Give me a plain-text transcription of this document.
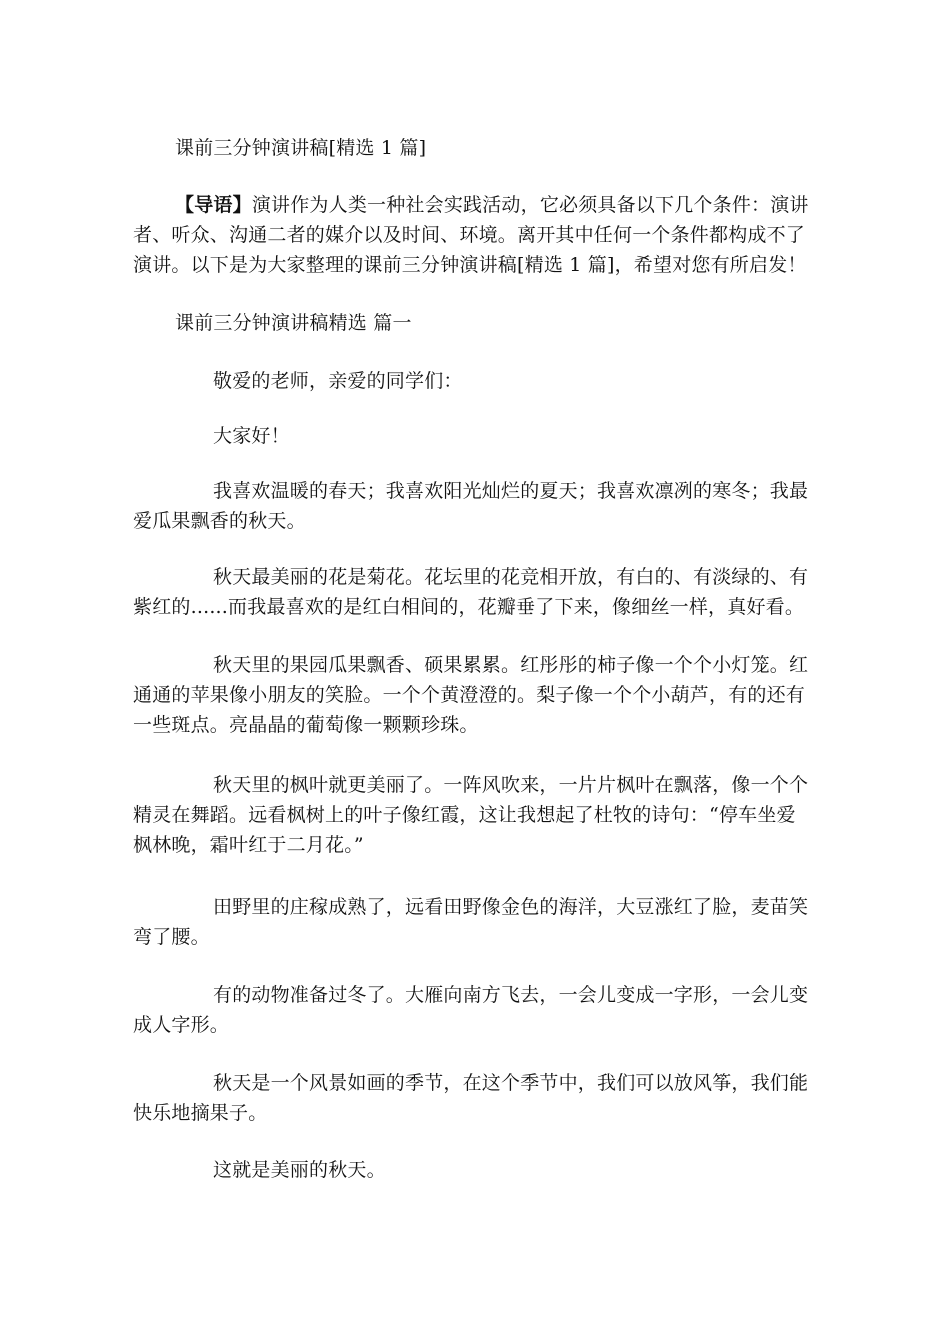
课前三分钟演讲稿[精选 1 篇]
【导语】演讲作为人类一种社会实践活动，它必须具备以下几个条件：演讲
者、听众、沟通二者的媒介以及时间、环境。离开其中任何一个条件都构成不了
演讲。以下是为大家整理的课前三分钟演讲稿[精选 1 篇]，希望对您有所启发！
课前三分钟演讲稿精选 篇一
敬爱的老师，亲爱的同学们：
大家好！
我喜欢温暖的春天；我喜欢阳光灿烂的夏天；我喜欢凛冽的寒冬；我最
爱瓜果飘香的秋天。
秋天最美丽的花是菊花。花坛里的花竞相开放，有白的、有淡绿的、有
紫红的......而我最喜欢的是红白相间的，花瓣垂了下来，像细丝一样，真好看。
秋天里的果园瓜果飘香、硕果累累。红彤彤的柿子像一个个小灯笼。红
通通的苹果像小朋友的笑脸。一个个黄澄澄的。梨子像一个个小葫芦，有的还有
一些斑点。亮晶晶的葡萄像一颗颗珍珠。
秋天里的枫叶就更美丽了。一阵风吹来，一片片枫叶在飘落，像一个个
精灵在舞蹈。远看枫树上的叶子像红霞，这让我想起了杜牧的诗句：“停车坐爱
枫林晚，霜叶红于二月花。”
田野里的庄稼成熟了，远看田野像金色的海洋，大豆涨红了脸，麦苗笑
弯了腰。
有的动物准备过冬了。大雁向南方飞去，一会儿变成一字形，一会儿变
成人字形。
秋天是一个风景如画的季节，在这个季节中，我们可以放风筝，我们能
快乐地摘果子。
这就是美丽的秋天。
